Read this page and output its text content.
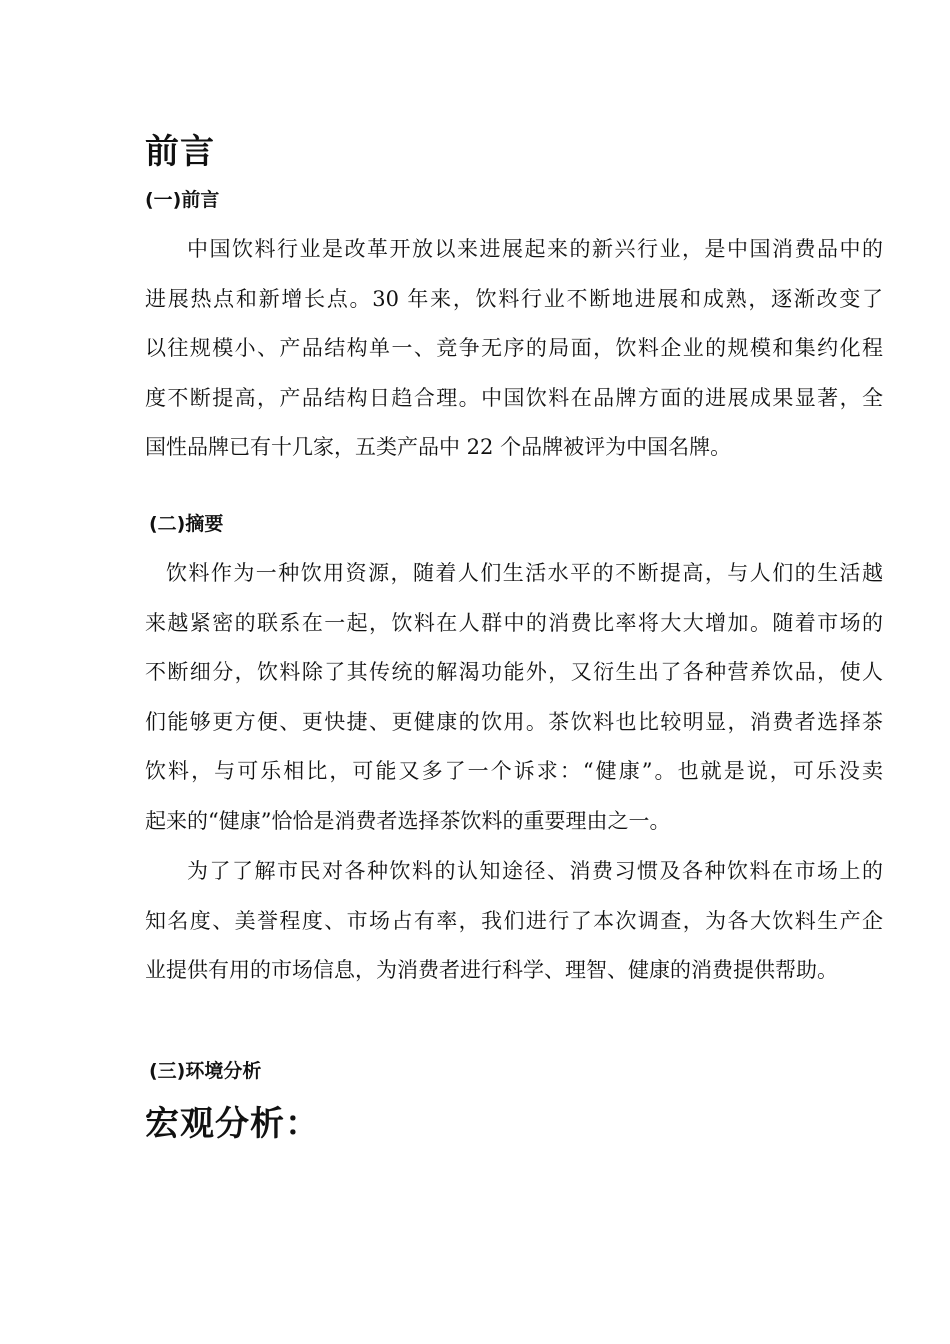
前言
(一)前言
中国饮料行业是改革开放以来进展起来的新兴行业，是中国消费品中的
进展热点和新增长点。30 年来，饮料行业不断地进展和成熟，逐渐改变了
以往规模小、产品结构单一、竞争无序的局面，饮料企业的规模和集约化程
度不断提高，产品结构日趋合理。中国饮料在品牌方面的进展成果显著，全
国性品牌已有十几家，五类产品中 22 个品牌被评为中国名牌。
(二)摘要
饮料作为一种饮用资源，随着人们生活水平的不断提高，与人们的生活越
来越紧密的联系在一起，饮料在人群中的消费比率将大大增加。随着市场的
不断细分，饮料除了其传统的解渴功能外，又衍生出了各种营养饮品，使人
们能够更方便、更快捷、更健康的饮用。茶饮料也比较明显，消费者选择茶
饮料，与可乐相比，可能又多了一个诉求：“健康”。也就是说，可乐没卖
起来的“健康”恰恰是消费者选择茶饮料的重要理由之一。
为了了解市民对各种饮料的认知途径、消费习惯及各种饮料在市场上的
知名度、美誉程度、市场占有率，我们进行了本次调查，为各大饮料生产企
业提供有用的市场信息，为消费者进行科学、理智、健康的消费提供帮助。
(三)环境分析
宏观分析：
